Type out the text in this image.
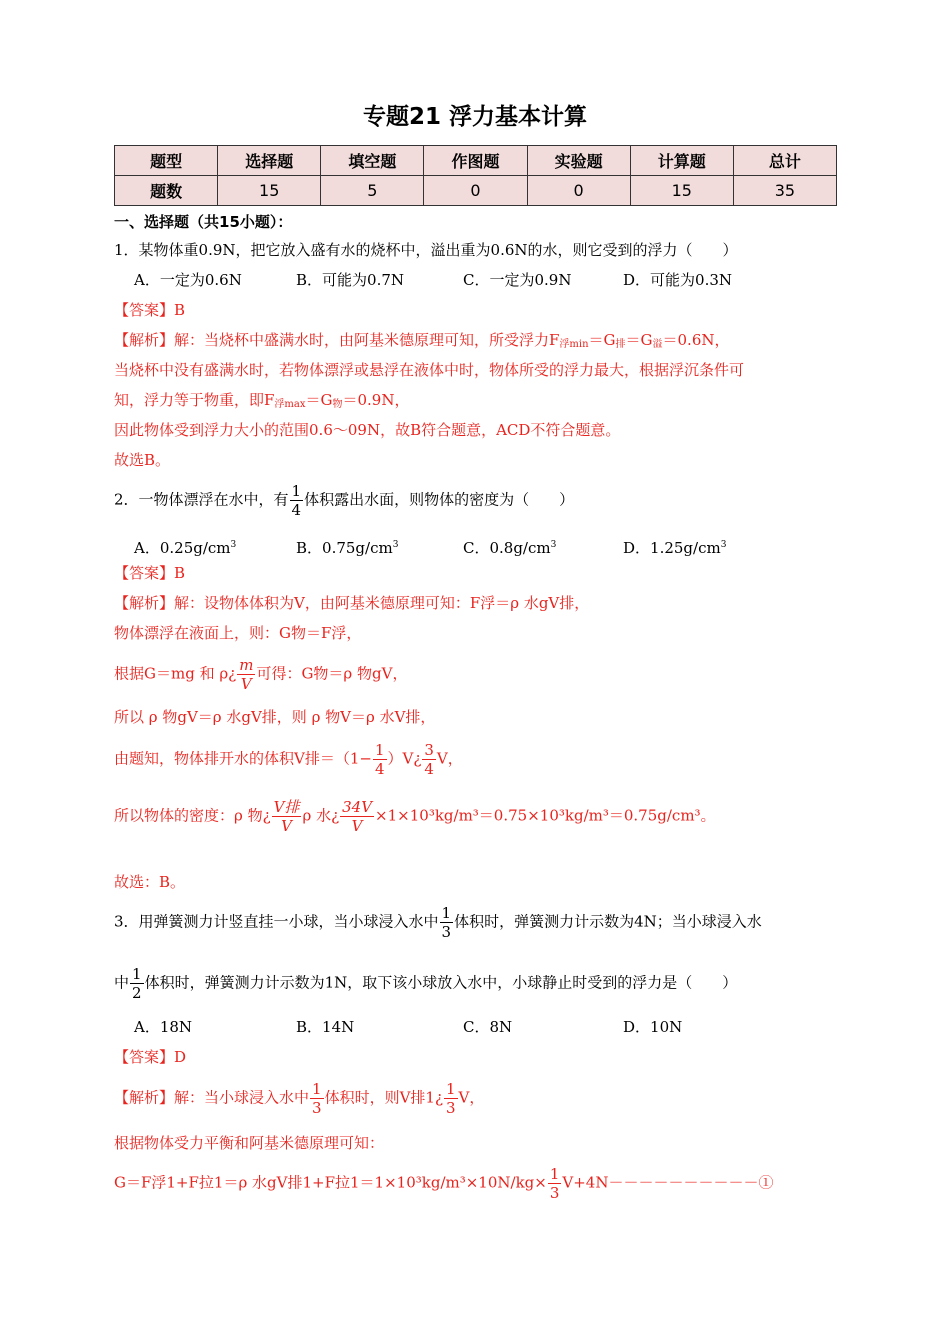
专题21 浮力基本计算
题型	选择题	填空题	作图题	实验题	计算题	总计
题数	15	5	0	0	15	35
一、选择题（共15小题）：
1．某物体重0.9N，把它放入盛有水的烧杯中，溢出重为0.6N的水，则它受到的浮力（　　）
A．一定为0.6N	B．可能为0.7N	C．一定为0.9N	D．可能为0.3N
【答案】B
【解析】解：当烧杯中盛满水时，由阿基米德原理可知，所受浮力$F_{浮min}=G_排=G_溢=0.6N$，
当烧杯中没有盛满水时，若物体漂浮或悬浮在液体中时，物体所受的浮力最大，根据浮沉条件可
知，浮力等于物重，即$F_{浮max}=G_物=0.9N$，
因此物体受到浮力大小的范围0.6～09N，故B符合题意，ACD不符合题意。
故选B。
2．一物体漂浮在水中，有 $\frac{1}{4}$ 体积露出水面，则物体的密度为（　　）
A．$0.25g/cm^3$	B．$0.75g/cm^3$	C．$0.8g/cm^3$	D．$1.25g/cm^3$
【答案】B
【解析】解：设物体体积为V，由阿基米德原理可知：F浮＝ρ 水gV排，
物体漂浮在液面上，则：G物＝F浮，
根据G＝mg 和 ρ¿ $\frac{m}{V}$ 可得：G物＝ρ 物gV，
所以 ρ 物gV＝ρ 水gV排，则 ρ 物V＝ρ 水V排，
由题知，物体排开水的体积V排$=(1- \frac{1}{4}$ ）V¿ $\frac{3}{4}$ V，
所以物体的密度：ρ 物¿ $\frac{\text{V排}}{V}$ ρ 水¿ $\frac{34V}{V} \times 1\times 10^3kg/m^3=0.75\times 10^3kg/m^3=0.75g/cm^3$。
故选：B。
3．用弹簧测力计竖直挂一小球，当小球浸入水中 $\frac{1}{3}$ 体积时，弹簧测力计示数为4N；当小球浸入水
中 $\frac{1}{2}$ 体积时，弹簧测力计示数为1N，取下该小球放入水中，小球静止时受到的浮力是（　　）
A．18N	B．14N	C．8N	D．10N
【答案】D
【解析】解：当小球浸入水中 $\frac{1}{3}$ 体积时，则V排1¿ $\frac{1}{3}$ V，
根据物体受力平衡和阿基米德原理可知：
G＝F浮1+F拉1＝ρ 水gV排1+F拉$1=1\times 10^3kg/m^3\times 10N/kg\times \frac{1}{3}$ V+4N－－－－－－－－－－①
